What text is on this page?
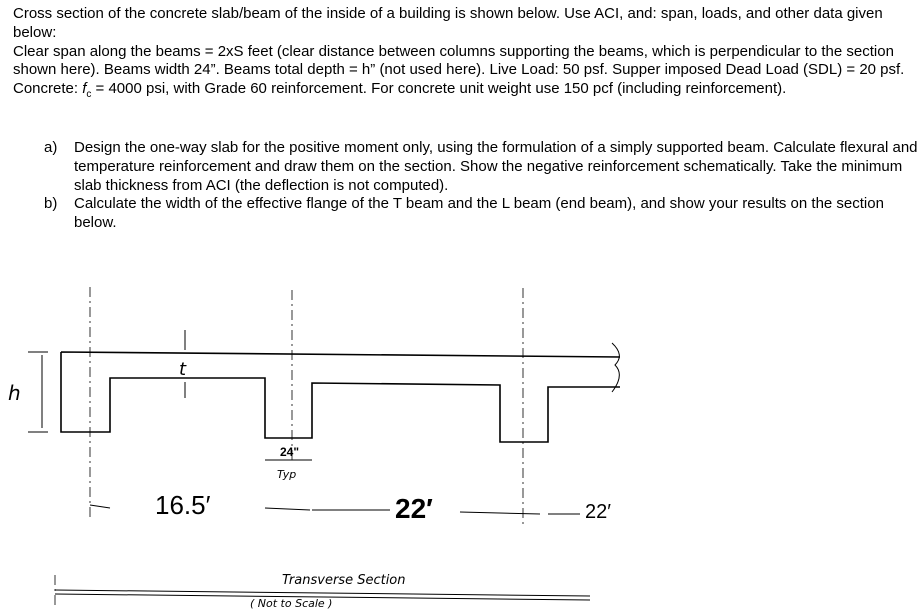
Cross section of the concrete slab/beam of the inside of a building is shown below. Use ACI, and: span, loads, and other data given below:

Clear span along the beams = 2xS feet (clear distance between columns supporting the beams, which is perpendicular to the section shown here). Beams width 24”. Beams total depth = h” (not used here). Live Load: 50 psf. Supper imposed Dead Load (SDL) = 20 psf. Concrete: $f_c = 4000$ psi, with Grade 60 reinforcement. For concrete unit weight use 150 pcf (including reinforcement).

a)	Design the one-way slab for the positive moment only, using the formulation of a simply supported beam. Calculate flexural and temperature reinforcement and draw them on the section. Show the negative reinforcement schematically. Take the minimum slab thickness from ACI (the deflection is not computed).
b)	Calculate the width of the effective flange of the T beam and the L beam (end beam), and show your results on the section below.
h
t
24"
Typ
16.5′	22′	22′
Transverse Section
( Not to Scale )
